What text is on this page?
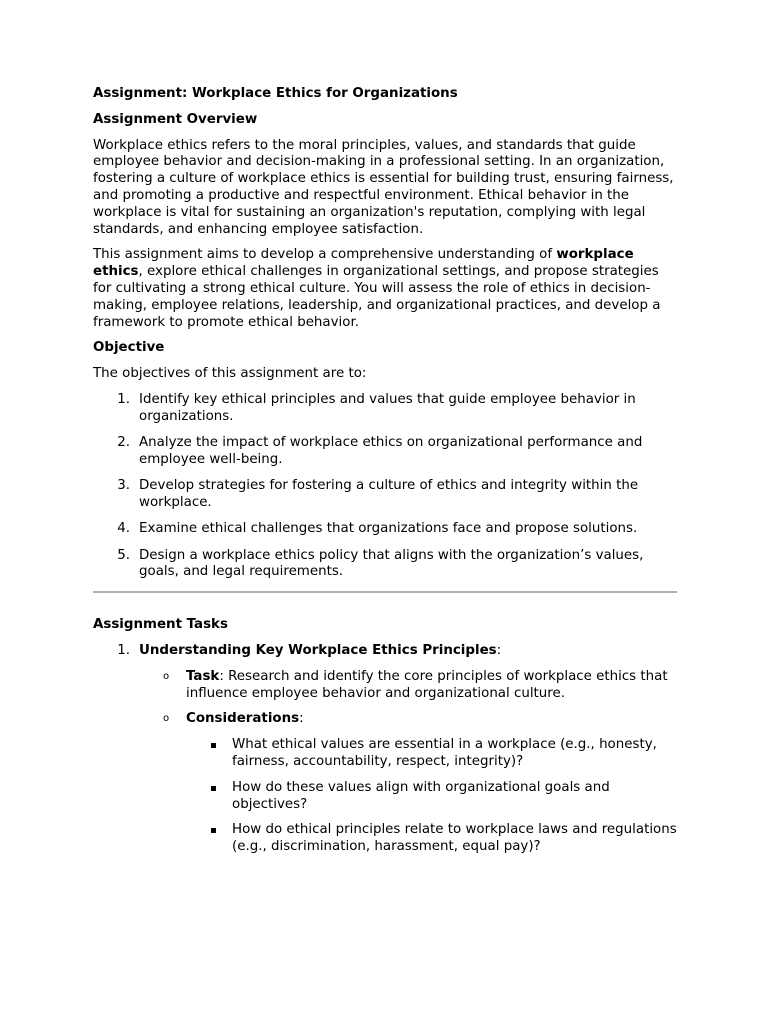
Assignment: Workplace Ethics for Organizations

Assignment Overview

Workplace ethics refers to the moral principles, values, and standards that guide employee behavior and decision-making in a professional setting. In an organization, fostering a culture of workplace ethics is essential for building trust, ensuring fairness, and promoting a productive and respectful environment. Ethical behavior in the workplace is vital for sustaining an organization's reputation, complying with legal standards, and enhancing employee satisfaction.

This assignment aims to develop a comprehensive understanding of workplace ethics, explore ethical challenges in organizational settings, and propose strategies for cultivating a strong ethical culture. You will assess the role of ethics in decision-making, employee relations, leadership, and organizational practices, and develop a framework to promote ethical behavior.

Objective

The objectives of this assignment are to:

1. Identify key ethical principles and values that guide employee behavior in organizations.
2. Analyze the impact of workplace ethics on organizational performance and employee well-being.
3. Develop strategies for fostering a culture of ethics and integrity within the workplace.
4. Examine ethical challenges that organizations face and propose solutions.
5. Design a workplace ethics policy that aligns with the organization’s values, goals, and legal requirements.

Assignment Tasks

1. Understanding Key Workplace Ethics Principles:
o Task: Research and identify the core principles of workplace ethics that influence employee behavior and organizational culture.
o Considerations:
What ethical values are essential in a workplace (e.g., honesty, fairness, accountability, respect, integrity)?
How do these values align with organizational goals and objectives?
How do ethical principles relate to workplace laws and regulations (e.g., discrimination, harassment, equal pay)?
